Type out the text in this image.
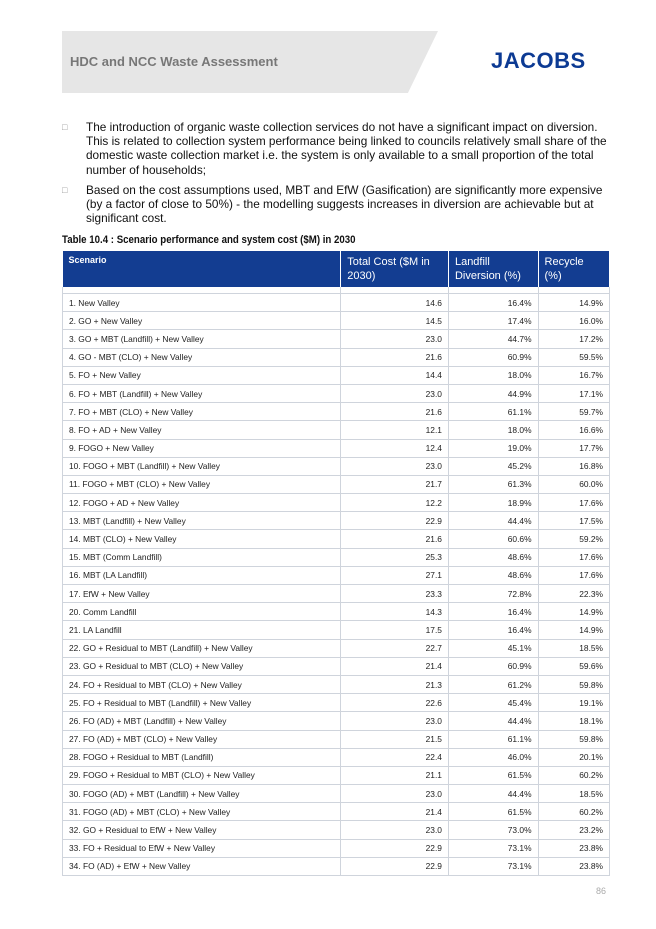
HDC and NCC Waste Assessment	JACOBS
□	The introduction of organic waste collection services do not have a significant impact on diversion. This is related to collection system performance being linked to councils relatively small share of the domestic waste collection market i.e. the system is only available to a small proportion of the total number of households;
□	Based on the cost assumptions used, MBT and EfW (Gasification) are significantly more expensive (by a factor of close to 50%) - the modelling suggests increases in diversion are achievable but at significant cost.
Table 10.4 : Scenario performance and system cost ($M) in 2030
Scenario	Total Cost ($M in 2030)	Landfill Diversion (%)	Recycle (%)

1. New Valley	14.6	16.4%	14.9%
2. GO + New Valley	14.5	17.4%	16.0%
3. GO + MBT (Landfill) + New Valley	23.0	44.7%	17.2%
4. GO - MBT (CLO) + New Valley	21.6	60.9%	59.5%
5. FO + New Valley	14.4	18.0%	16.7%
6. FO + MBT (Landfill) + New Valley	23.0	44.9%	17.1%
7. FO + MBT (CLO) + New Valley	21.6	61.1%	59.7%
8. FO + AD + New Valley	12.1	18.0%	16.6%
9. FOGO + New Valley	12.4	19.0%	17.7%
10. FOGO + MBT (Landfill) + New Valley	23.0	45.2%	16.8%
11. FOGO + MBT (CLO) + New Valley	21.7	61.3%	60.0%
12. FOGO + AD + New Valley	12.2	18.9%	17.6%
13. MBT (Landfill) + New Valley	22.9	44.4%	17.5%
14. MBT (CLO) + New Valley	21.6	60.6%	59.2%
15. MBT (Comm Landfill)	25.3	48.6%	17.6%
16. MBT (LA Landfill)	27.1	48.6%	17.6%
17. EfW + New Valley	23.3	72.8%	22.3%
20. Comm Landfill	14.3	16.4%	14.9%
21. LA Landfill	17.5	16.4%	14.9%
22. GO + Residual to MBT (Landfill) + New Valley	22.7	45.1%	18.5%
23. GO + Residual to MBT (CLO) + New Valley	21.4	60.9%	59.6%
24. FO + Residual to MBT (CLO) + New Valley	21.3	61.2%	59.8%
25. FO + Residual to MBT (Landfill) + New Valley	22.6	45.4%	19.1%
26. FO (AD) + MBT (Landfill) + New Valley	23.0	44.4%	18.1%
27. FO (AD) + MBT (CLO) + New Valley	21.5	61.1%	59.8%
28. FOGO + Residual to MBT (Landfill)	22.4	46.0%	20.1%
29. FOGO + Residual to MBT (CLO) + New Valley	21.1	61.5%	60.2%
30. FOGO (AD) + MBT (Landfill) + New Valley	23.0	44.4%	18.5%
31. FOGO (AD) + MBT (CLO) + New Valley	21.4	61.5%	60.2%
32. GO + Residual to EfW + New Valley	23.0	73.0%	23.2%
33. FO + Residual to EfW + New Valley	22.9	73.1%	23.8%
34. FO (AD) + EfW + New Valley	22.9	73.1%	23.8%
86
